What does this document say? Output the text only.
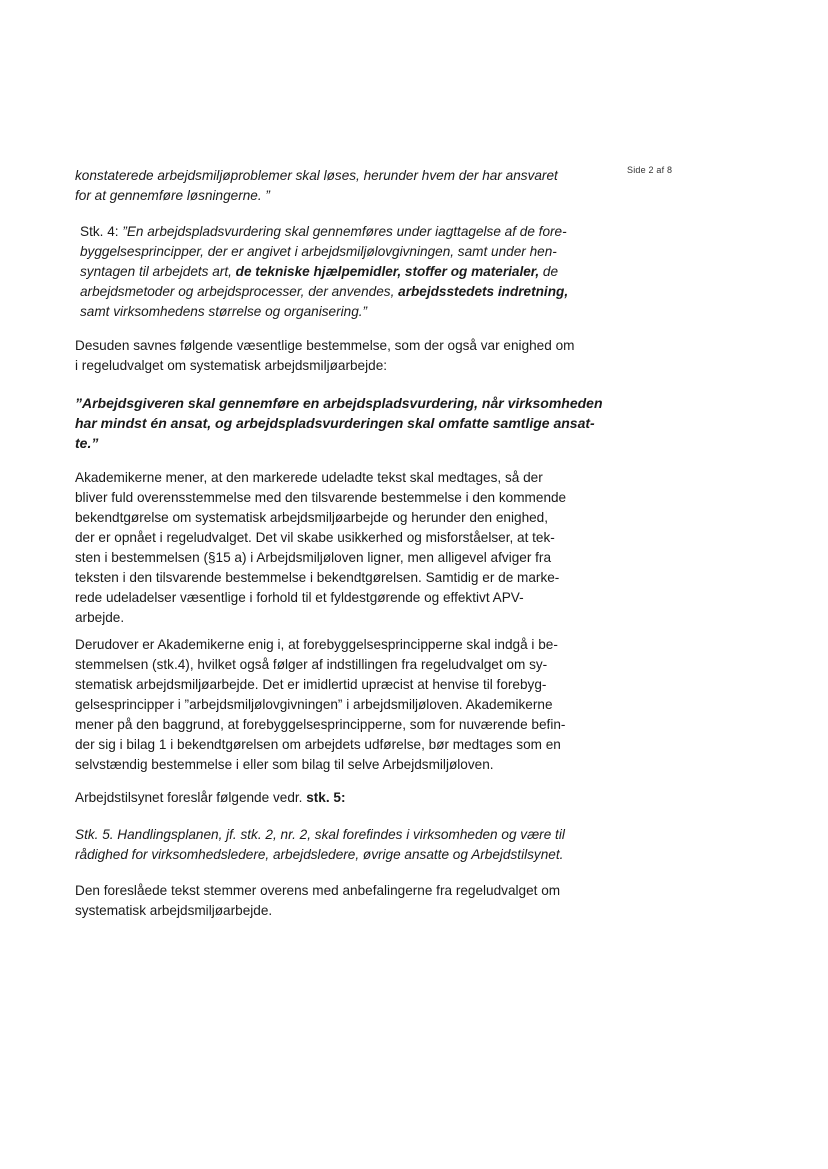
Side 2 af 8

konstaterede arbejdsmiljøproblemer skal løses, herunder hvem der har ansvaret
for at gennemføre løsningerne. ”

Stk. 4: ”En arbejdspladsvurdering skal gennemføres under iagttagelse af de fore-
byggelsesprincipper, der er angivet i arbejdsmiljølovgivningen, samt under hen-
syntagen til arbejdets art, de tekniske hjælpemidler, stoffer og materialer, de
arbejdsmetoder og arbejdsprocesser, der anvendes, arbejdsstedets indretning,
samt virksomhedens størrelse og organisering.”

Desuden savnes følgende væsentlige bestemmelse, som der også var enighed om
i regeludvalget om systematisk arbejdsmiljøarbejde:

”Arbejdsgiveren skal gennemføre en arbejdspladsvurdering, når virksomheden
har mindst én ansat, og arbejdspladsvurderingen skal omfatte samtlige ansat-
te.”

Akademikerne mener, at den markerede udeladte tekst skal medtages, så der
bliver fuld overensstemmelse med den tilsvarende bestemmelse i den kommende
bekendtgørelse om systematisk arbejdsmiljøarbejde og herunder den enighed,
der er opnået i regeludvalget. Det vil skabe usikkerhed og misforståelser, at tek-
sten i bestemmelsen (§15 a) i Arbejdsmiljøloven ligner, men alligevel afviger fra
teksten i den tilsvarende bestemmelse i bekendtgørelsen. Samtidig er de marke-
rede udeladelser væsentlige i forhold til et fyldestgørende og effektivt APV-
arbejde.

Derudover er Akademikerne enig i, at forebyggelsesprincipperne skal indgå i be-
stemmelsen (stk.4), hvilket også følger af indstillingen fra regeludvalget om sy-
stematisk arbejdsmiljøarbejde. Det er imidlertid upræcist at henvise til forebyg-
gelsesprincipper i ”arbejdsmiljølovgivningen” i arbejdsmiljøloven. Akademikerne
mener på den baggrund, at forebyggelsesprincipperne, som for nuværende befin-
der sig i bilag 1 i bekendtgørelsen om arbejdets udførelse, bør medtages som en
selvstændig bestemmelse i eller som bilag til selve Arbejdsmiljøloven.

Arbejdstilsynet foreslår følgende vedr. stk. 5:

Stk. 5. Handlingsplanen, jf. stk. 2, nr. 2, skal forefindes i virksomheden og være til
rådighed for virksomhedsledere, arbejdsledere, øvrige ansatte og Arbejdstilsynet.

Den foreslåede tekst stemmer overens med anbefalingerne fra regeludvalget om
systematisk arbejdsmiljøarbejde.
